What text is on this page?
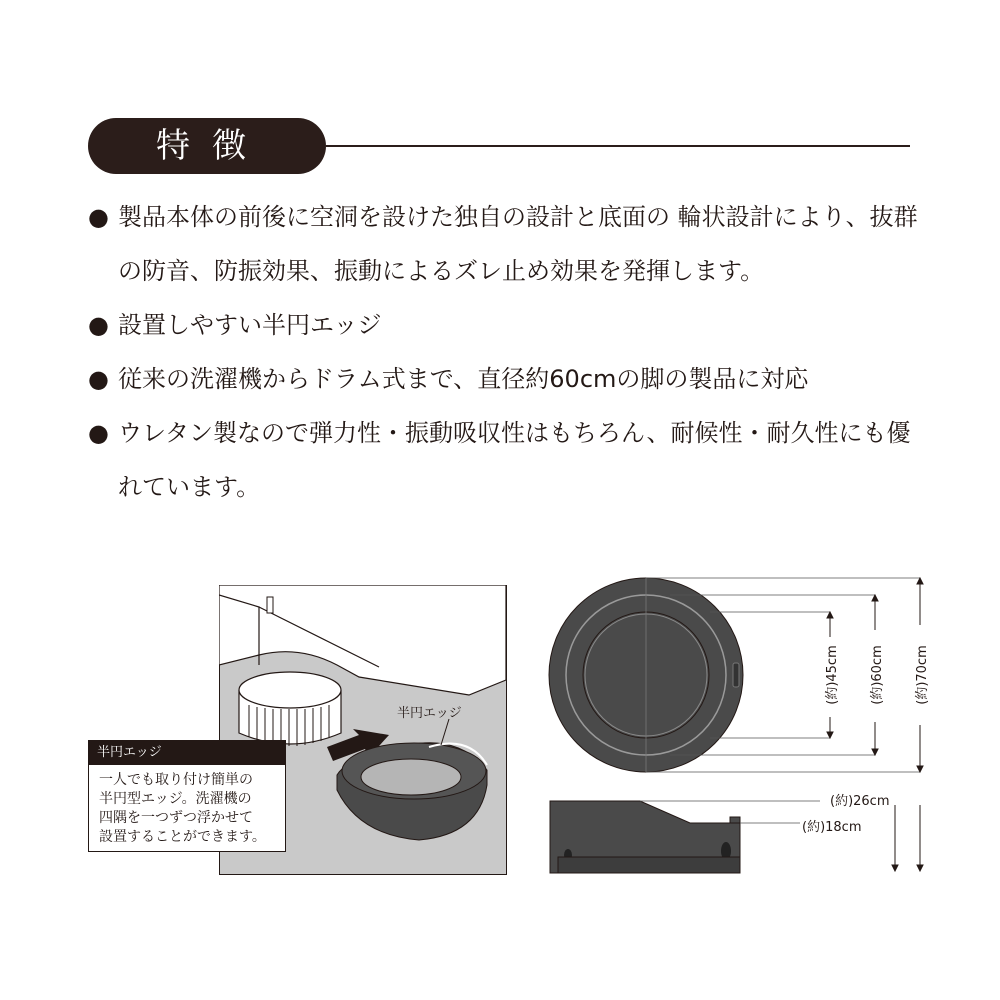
特徴
● 製品本体の前後に空洞を設けた独自の設計と底面の 輪状設計により、抜群の防音、防振効果、振動によるズレ止め効果を発揮します。
● 設置しやすい半円エッジ
● 従来の洗濯機からドラム式まで、直径約60cmの脚の製品に対応
● ウレタン製なので弾力性・振動吸収性はもちろん、耐候性・耐久性にも優れています。
半円エッジ
半円エッジ
一人でも取り付け簡単の
半円型エッジ。洗濯機の
四隅を一つずつ浮かせて
設置することができます。
(約)45cm (約)60cm (約)70cm
(約)26cm
(約)18cm
